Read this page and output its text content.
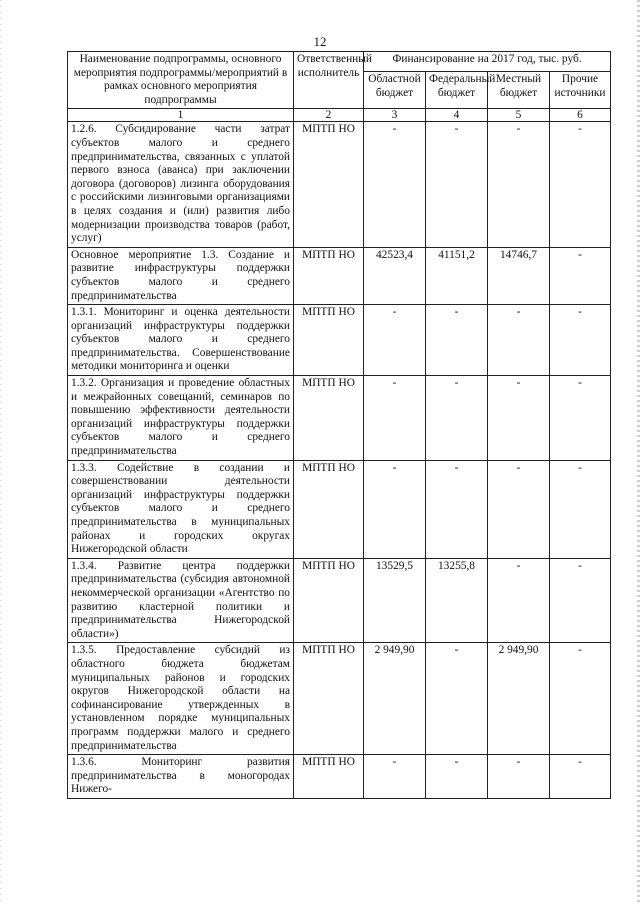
12
Наименование подпрограммы, основного мероприятия подпрограммы/мероприятий в рамках основного мероприятия подпрограммы	Ответственный исполнитель	Финансирование на 2017 год, тыс. руб.			
		Областной бюджет	Федеральный бюджет	Местный бюджет	Прочие источники
1	2	3	4	5	6
1.2.6. Субсидирование части затрат субъектов малого и среднего предпринимательства, связанных с уплатой первого взноса (аванса) при заключении договора (договоров) лизинга оборудования с российскими лизинговыми организациями в целях создания и (или) развития либо модернизации производства товаров (работ, услуг)	МПТП НО	-	-	-	-
Основное мероприятие 1.3. Создание и развитие инфраструктуры поддержки субъектов малого и среднего предпринимательства	МПТП НО	42523,4	41151,2	14746,7	-
1.3.1. Мониторинг и оценка деятельности организаций инфраструктуры поддержки субъектов малого и среднего предпринимательства. Совершенствование методики мониторинга и оценки	МПТП НО	-	-	-	-
1.3.2. Организация и проведение областных и межрайонных совещаний, семинаров по повышению эффективности деятельности организаций инфраструктуры поддержки субъектов малого и среднего предпринимательства	МПТП НО	-	-	-	-
1.3.3. Содействие в создании и совершенствовании деятельности организаций инфраструктуры поддержки субъектов малого и среднего предпринимательства в муниципальных районах и городских округах Нижегородской области	МПТП НО	-	-	-	-
1.3.4. Развитие центра поддержки предпринимательства (субсидия автономной некоммерческой организации «Агентство по развитию кластерной политики и предпринимательства Нижегородской области»)	МПТП НО	13529,5	13255,8	-	-
1.3.5. Предоставление субсидий из областного бюджета бюджетам муниципальных районов и городских округов Нижегородской области на софинансирование утвержденных в установленном порядке муниципальных программ поддержки малого и среднего предпринимательства	МПТП НО	2 949,90	-	2 949,90	-
1.3.6. Мониторинг развития предпринимательства в моногородах Нижего-	МПТП НО	-	-	-	-
